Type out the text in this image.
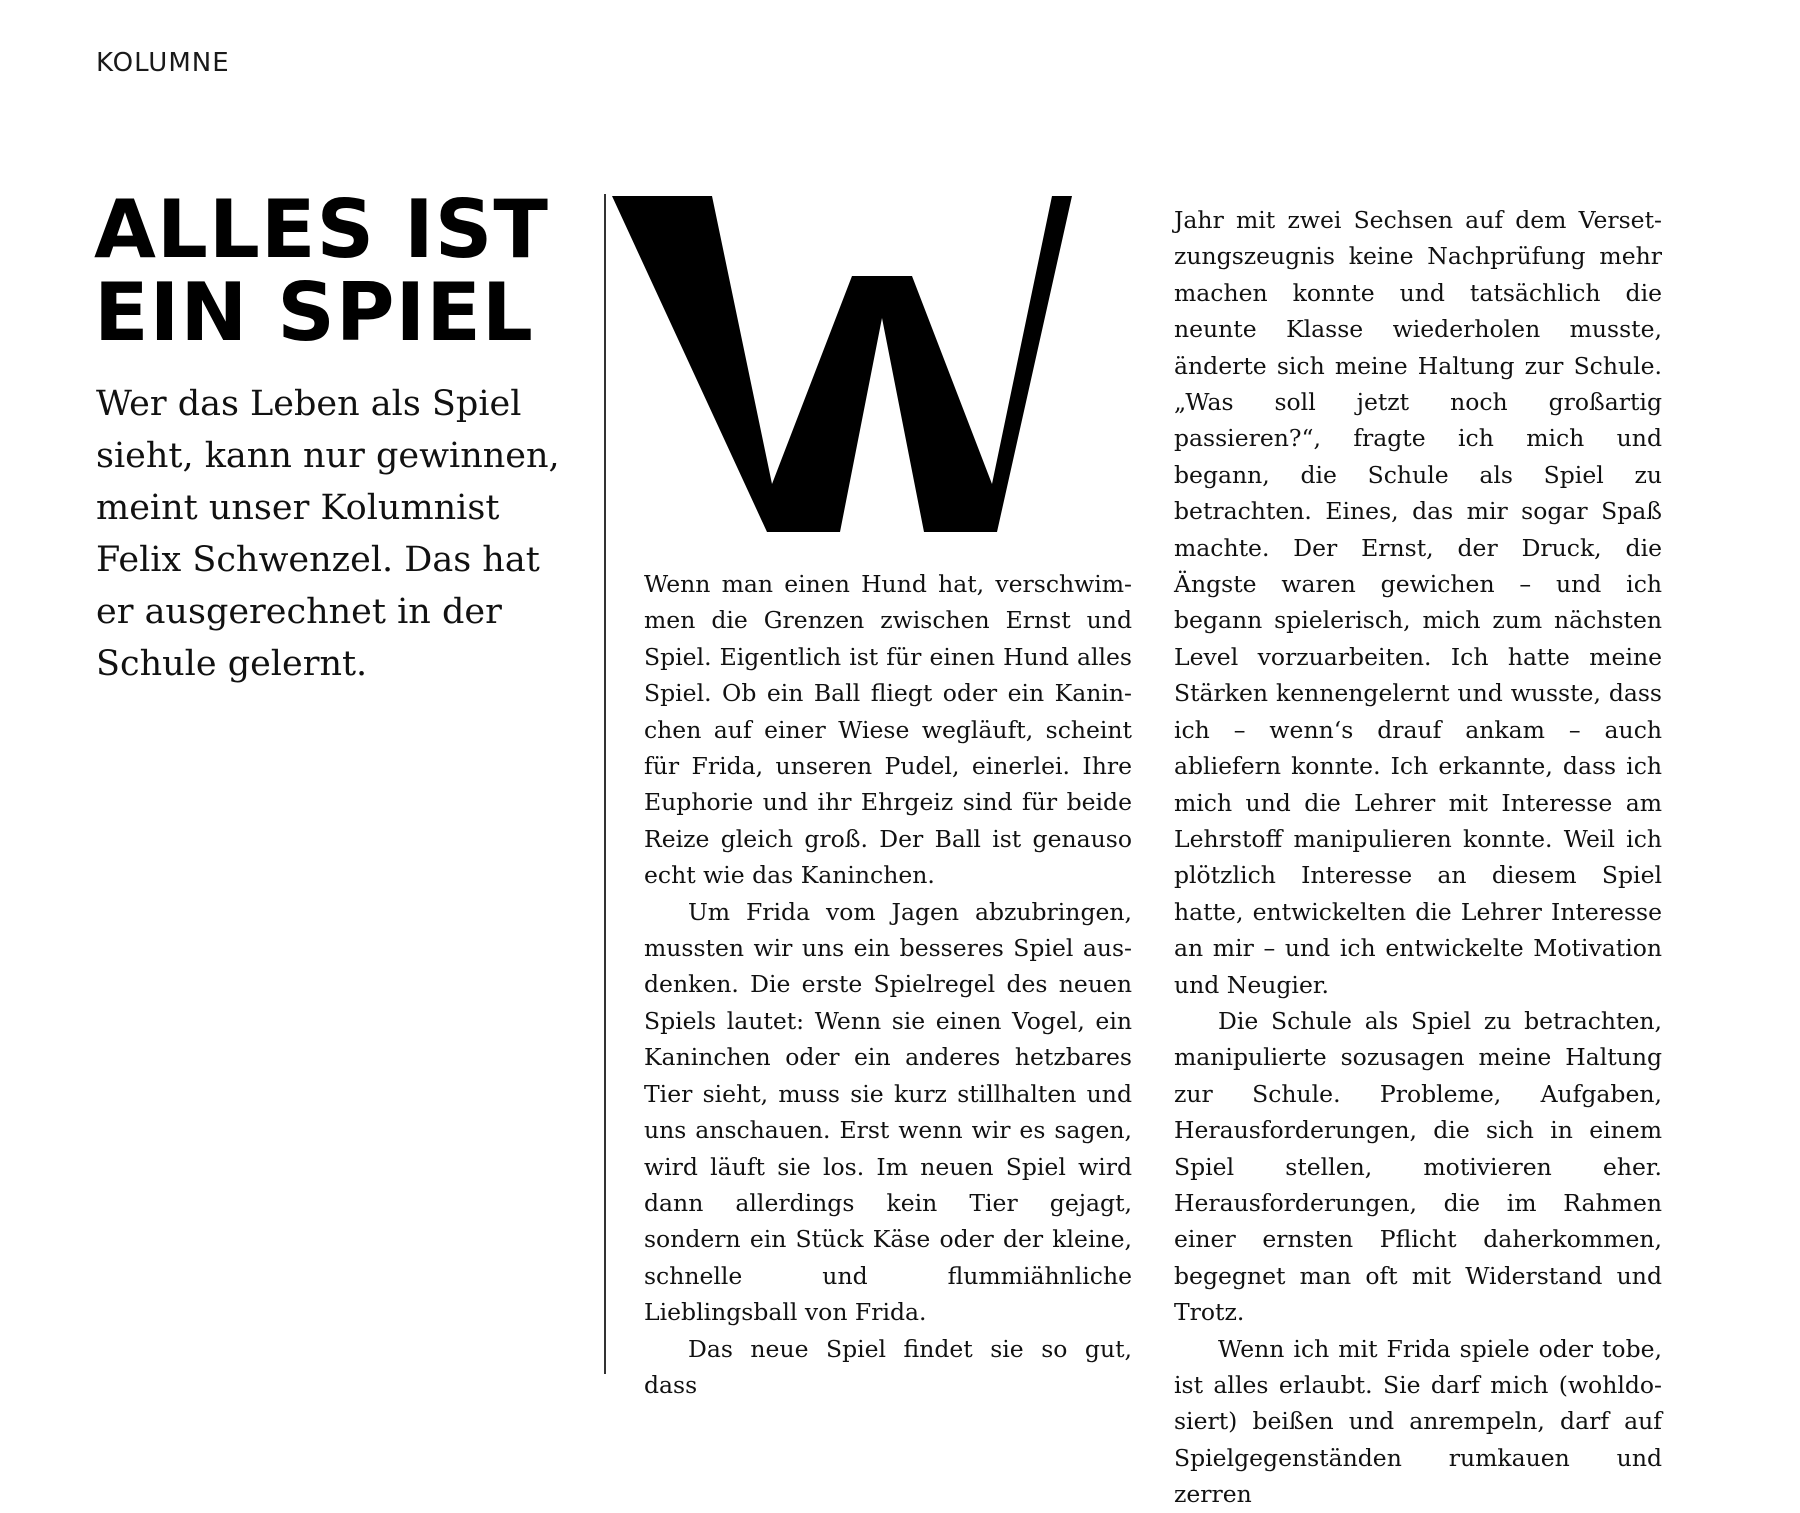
KOLUMNE
ALLES IST
EIN SPIEL

Wer das Leben als Spiel sieht, kann nur gewinnen, meint unser Kolumnist Felix Schwenzel. Das hat er ausgerechnet in der Schule gelernt.

Wenn man einen Hund hat, verschwimmen die Grenzen zwischen Ernst und Spiel. Eigentlich ist für einen Hund alles Spiel. Ob ein Ball fliegt oder ein Kaninchen auf einer Wiese wegläuft, scheint für Frida, unseren Pudel, einerlei. Ihre Euphorie und ihr Ehrgeiz sind für beide Reize gleich groß. Der Ball ist genauso echt wie das Kaninchen.

Um Frida vom Jagen abzubringen, mussten wir uns ein besseres Spiel ausdenken. Die erste Spielregel des neuen Spiels lautet: Wenn sie einen Vogel, ein Kaninchen oder ein anderes hetzbares Tier sieht, muss sie kurz stillhalten und uns anschauen. Erst wenn wir es sagen, wird läuft sie los. Im neuen Spiel wird dann allerdings kein Tier gejagt, sondern ein Stück Käse oder der kleine, schnelle und flummiähnliche Lieblingsball von Frida.

Das neue Spiel findet sie so gut, dass

Jahr mit zwei Sechsen auf dem Versetzungszeugnis keine Nachprüfung mehr machen konnte und tatsächlich die neunte Klasse wiederholen musste, änderte sich meine Haltung zur Schule. „Was soll jetzt noch großartig passieren?“, fragte ich mich und begann, die Schule als Spiel zu betrachten. Eines, das mir sogar Spaß machte. Der Ernst, der Druck, die Ängste waren gewichen – und ich begann spielerisch, mich zum nächsten Level vorzuarbeiten. Ich hatte meine Stärken kennengelernt und wusste, dass ich – wenn‘s drauf ankam – auch abliefern konnte. Ich erkannte, dass ich mich und die Lehrer mit Interesse am Lehrstoff manipulieren konnte. Weil ich plötzlich Interesse an diesem Spiel hatte, entwickelten die Lehrer Interesse an mir – und ich entwickelte Motivation und Neugier.

Die Schule als Spiel zu betrachten, manipulierte sozusagen meine Haltung zur Schule. Probleme, Aufgaben, Herausforderungen, die sich in einem Spiel stellen, motivieren eher. Herausforderungen, die im Rahmen einer ernsten Pflicht daherkommen, begegnet man oft mit Widerstand und Trotz.

Wenn ich mit Frida spiele oder tobe, ist alles erlaubt. Sie darf mich (wohldosiert) beißen und anrempeln, darf auf Spielgegenständen rumkauen und zerren
